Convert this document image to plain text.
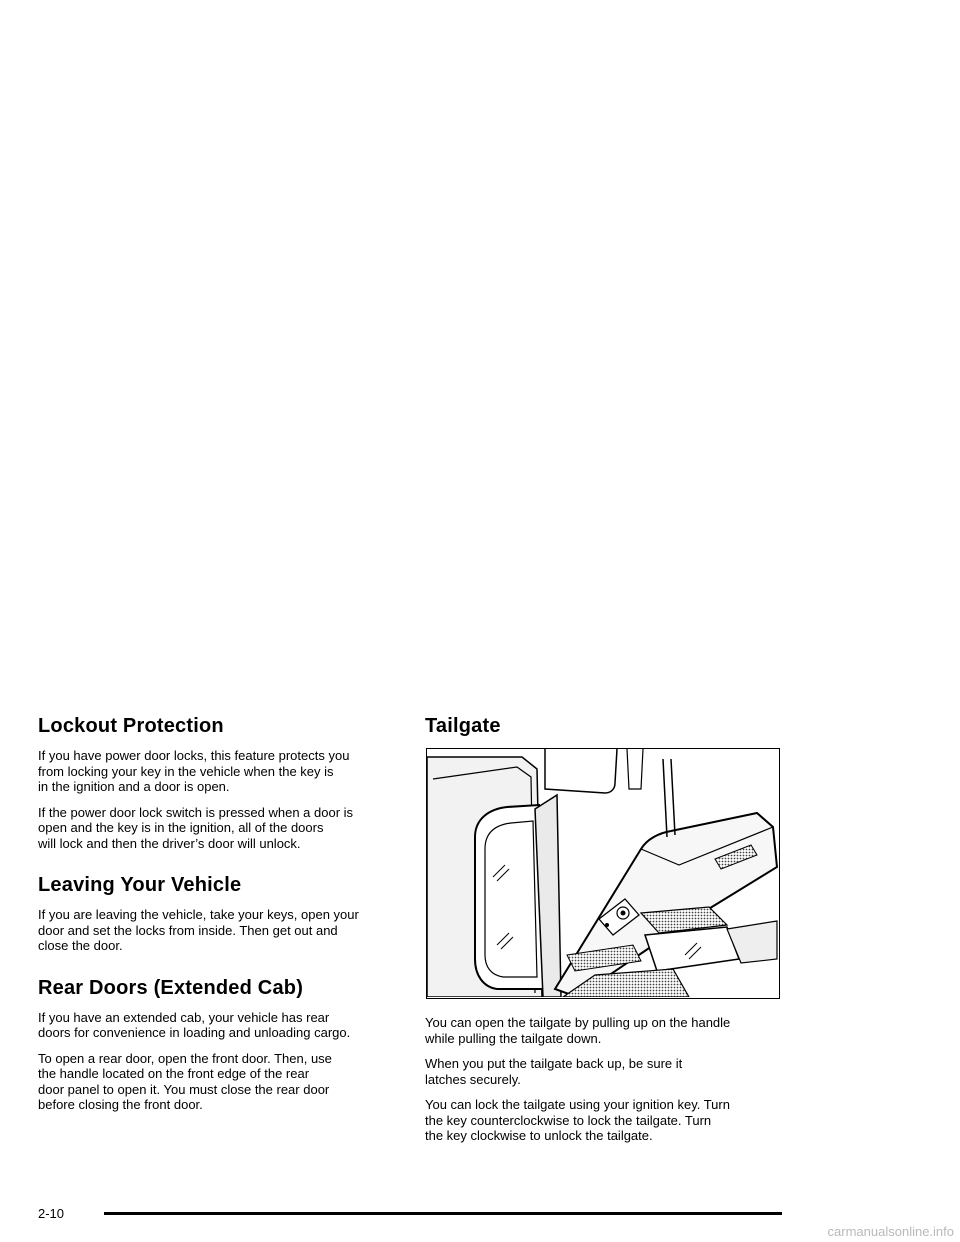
Lockout Protection

If you have power door locks, this feature protects you
from locking your key in the vehicle when the key is
in the ignition and a door is open.

If the power door lock switch is pressed when a door is
open and the key is in the ignition, all of the doors
will lock and then the driver’s door will unlock.

Leaving Your Vehicle

If you are leaving the vehicle, take your keys, open your
door and set the locks from inside. Then get out and
close the door.

Rear Doors (Extended Cab)

If you have an extended cab, your vehicle has rear
doors for convenience in loading and unloading cargo.

To open a rear door, open the front door. Then, use
the handle located on the front edge of the rear
door panel to open it. You must close the rear door
before closing the front door.

Tailgate

You can open the tailgate by pulling up on the handle
while pulling the tailgate down.

When you put the tailgate back up, be sure it
latches securely.

You can lock the tailgate using your ignition key. Turn
the key counterclockwise to lock the tailgate. Turn
the key clockwise to unlock the tailgate.

2-10
carmanualsonline.info
